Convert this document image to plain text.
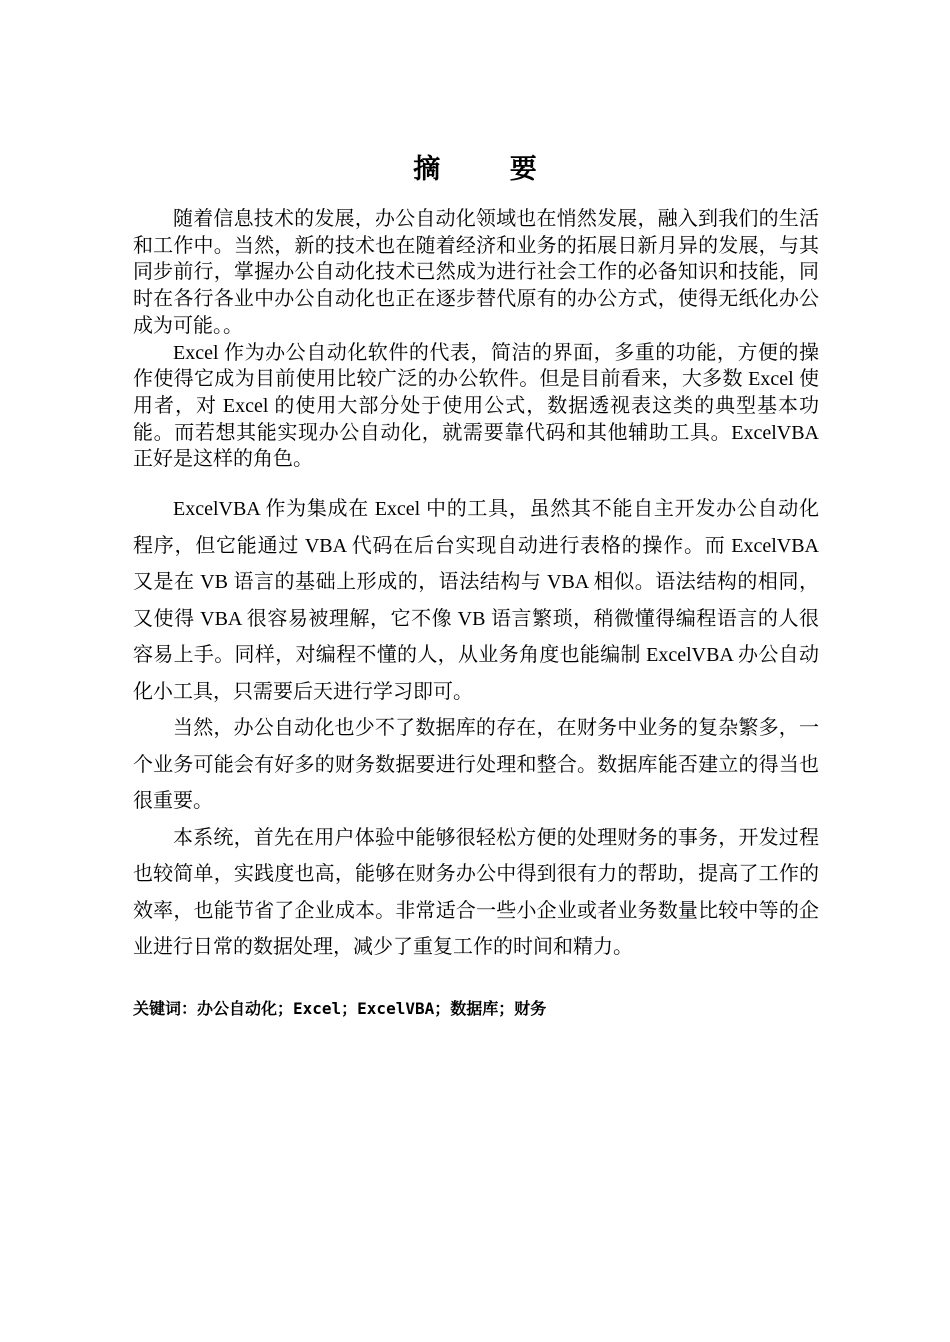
摘 要

随着信息技术的发展，办公自动化领域也在悄然发展，融入到我们的生活和工作中。当然，新的技术也在随着经济和业务的拓展日新月异的发展，与其同步前行，掌握办公自动化技术已然成为进行社会工作的必备知识和技能，同时在各行各业中办公自动化也正在逐步替代原有的办公方式，使得无纸化办公成为可能。。

Excel 作为办公自动化软件的代表，简洁的界面，多重的功能，方便的操作使得它成为目前使用比较广泛的办公软件。但是目前看来，大多数 Excel 使用者，对 Excel 的使用大部分处于使用公式，数据透视表这类的典型基本功能。而若想其能实现办公自动化，就需要靠代码和其他辅助工具。ExcelVBA 正好是这样的角色。

ExcelVBA 作为集成在 Excel 中的工具，虽然其不能自主开发办公自动化程序，但它能通过 VBA 代码在后台实现自动进行表格的操作。而 ExcelVBA 又是在 VB 语言的基础上形成的，语法结构与 VBA 相似。语法结构的相同，又使得 VBA 很容易被理解，它不像 VB 语言繁琐，稍微懂得编程语言的人很容易上手。同样，对编程不懂的人，从业务角度也能编制 ExcelVBA 办公自动化小工具，只需要后天进行学习即可。

当然，办公自动化也少不了数据库的存在，在财务中业务的复杂繁多，一个业务可能会有好多的财务数据要进行处理和整合。数据库能否建立的得当也很重要。

本系统，首先在用户体验中能够很轻松方便的处理财务的事务，开发过程也较简单，实践度也高，能够在财务办公中得到很有力的帮助，提高了工作的效率，也能节省了企业成本。非常适合一些小企业或者业务数量比较中等的企业进行日常的数据处理，减少了重复工作的时间和精力。

关键词：办公自动化；Excel；ExcelVBA；数据库；财务
